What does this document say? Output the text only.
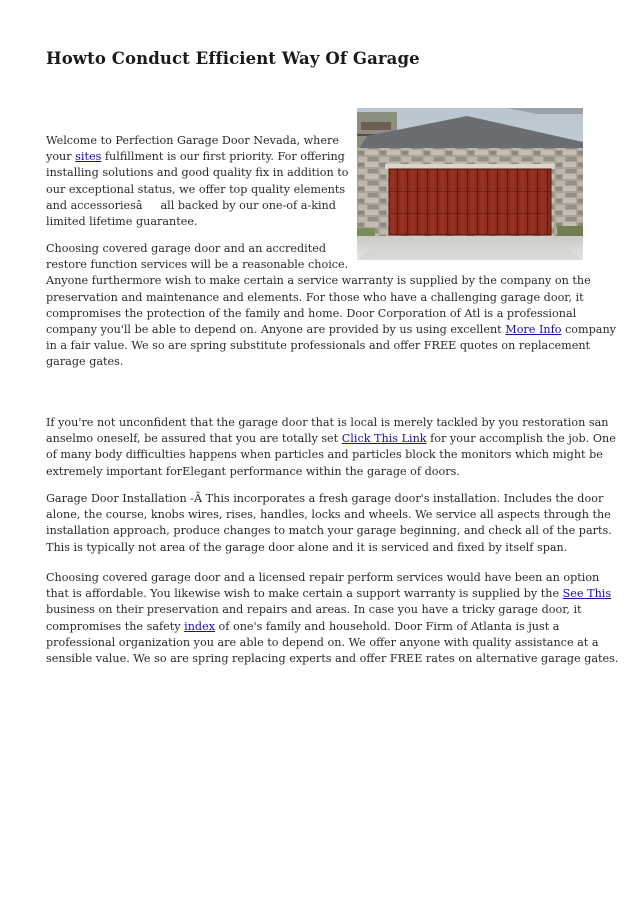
Howto Conduct Efficient Way Of Garage

Welcome to Perfection Garage Door Nevada, where
your sites fulfillment is our first priority. For offering
installing solutions and good quality fix in addition to
our exceptional status, we offer top quality elements
and accessoriesâall backed by our one-of a-kind
limited lifetime guarantee.

Choosing covered garage door and an accredited
restore function services will be a reasonable choice.
Anyone furthermore wish to make certain a service warranty is supplied by the company on the
preservation and maintenance and elements. For those who have a challenging garage door, it
compromises the protection of the family and home. Door Corporation of Atl is a professional
company you'll be able to depend on. Anyone are provided by us using excellent More Info company
in a fair value. We so are spring substitute professionals and offer FREE quotes on replacement
garage gates.

If you're not unconfident that the garage door that is local is merely tackled by you restoration san
anselmo oneself, be assured that you are totally set Click This Link for your accomplish the job. One
of many body difficulties happens when particles and particles block the monitors which might be
extremely important forElegant performance within the garage of doors.

Garage Door Installation -Â This incorporates a fresh garage door's installation. Includes the door
alone, the course, knobs wires, rises, handles, locks and wheels. We service all aspects through the
installation approach, produce changes to match your garage beginning, and check all of the parts.
This is typically not area of the garage door alone and it is serviced and fixed by itself span.

Choosing covered garage door and a licensed repair perform services would have been an option
that is affordable. You likewise wish to make certain a support warranty is supplied by the See This
business on their preservation and repairs and areas. In case you have a tricky garage door, it
compromises the safety index of one's family and household. Door Firm of Atlanta is just a
professional organization you are able to depend on. We offer anyone with quality assistance at a
sensible value. We so are spring replacing experts and offer FREE rates on alternative garage gates.
